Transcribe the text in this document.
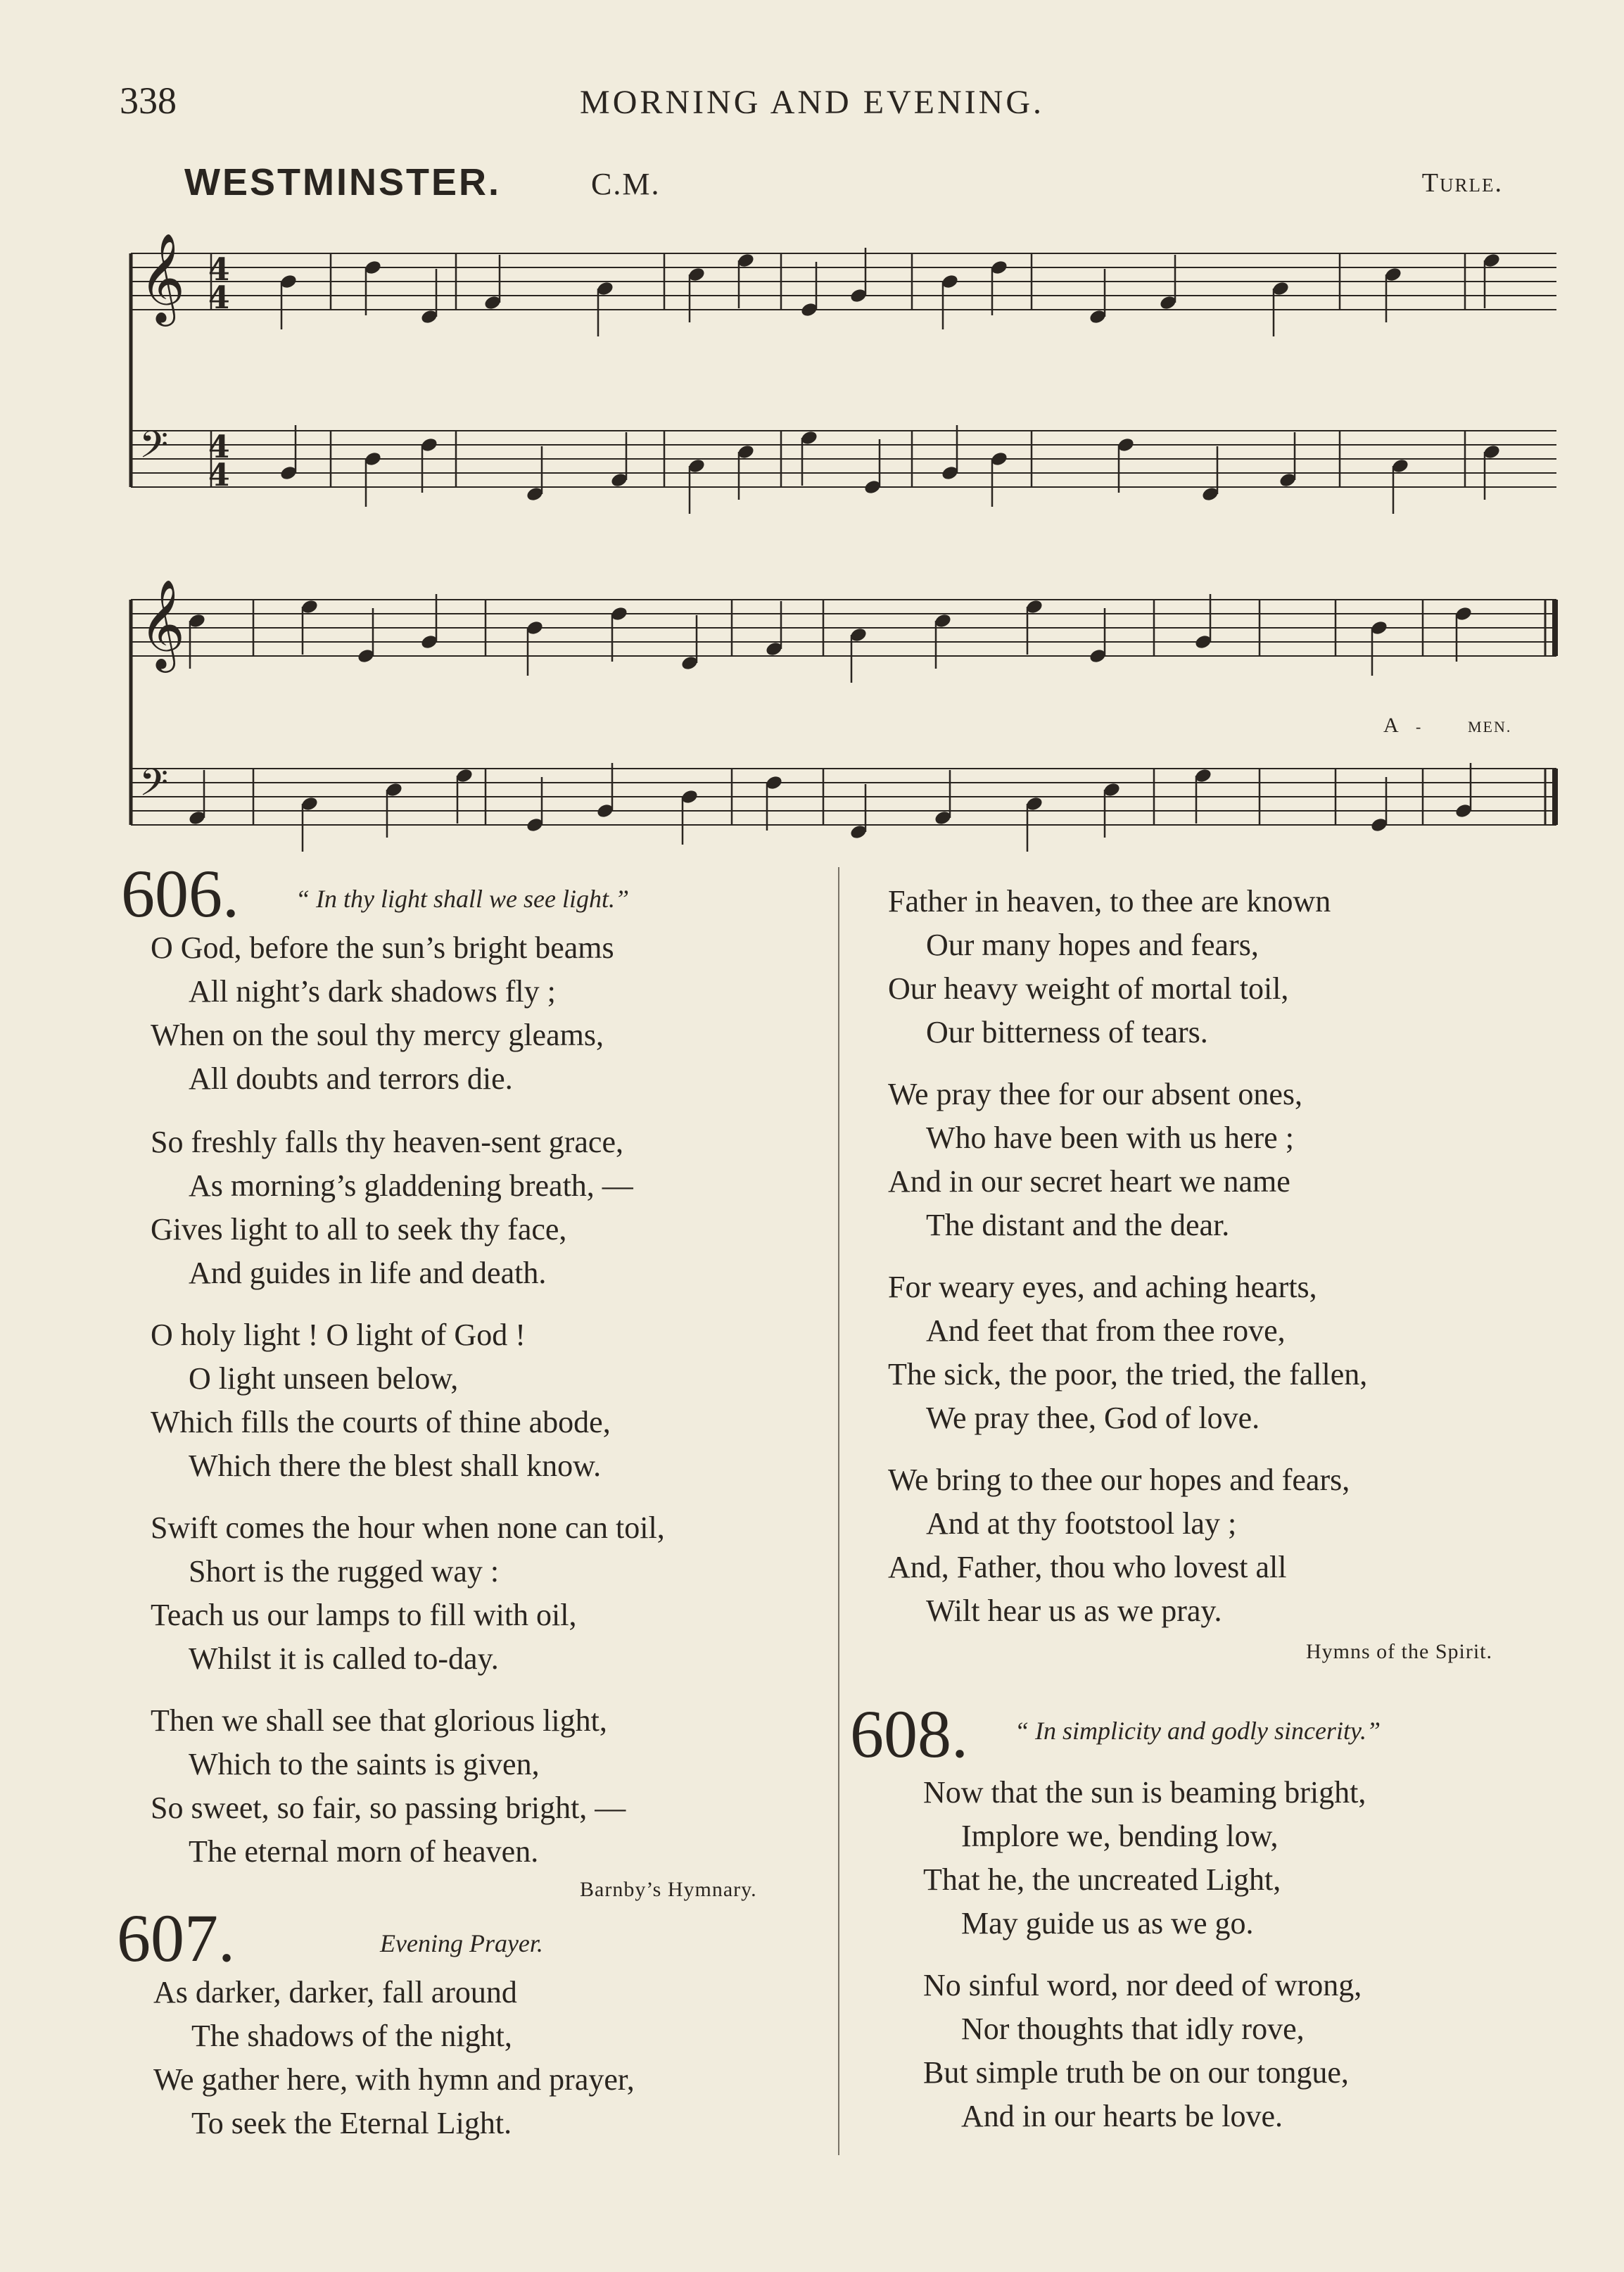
338	MORNING AND EVENING.
WESTMINSTER.	C.M.	Turle.
𝄞 4
4
𝄢 4
4
𝄞
𝄢
A -	MEN.
606. “ In thy light shall we see light.”
O God, before the sun’s bright beams
All night’s dark shadows fly ;
When on the soul thy mercy gleams,
All doubts and terrors die.
So freshly falls thy heaven-sent grace,
As morning’s gladdening breath, —
Gives light to all to seek thy face,
And guides in life and death.
O holy light ! O light of God !
O light unseen below,
Which fills the courts of thine abode,
Which there the blest shall know.
Swift comes the hour when none can toil,
Short is the rugged way :
Teach us our lamps to fill with oil,
Whilst it is called to-day.
Then we shall see that glorious light,
Which to the saints is given,
So sweet, so fair, so passing bright, —
The eternal morn of heaven.
Barnby’s Hymnary.
607.	Evening Prayer.
As darker, darker, fall around
The shadows of the night,
We gather here, with hymn and prayer,
To seek the Eternal Light.
Father in heaven, to thee are known
Our many hopes and fears,
Our heavy weight of mortal toil,
Our bitterness of tears.
We pray thee for our absent ones,
Who have been with us here ;
And in our secret heart we name
The distant and the dear.
For weary eyes, and aching hearts,
And feet that from thee rove,
The sick, the poor, the tried, the fallen,
We pray thee, God of love.
We bring to thee our hopes and fears,
And at thy footstool lay ;
And, Father, thou who lovest all
Wilt hear us as we pray.
Hymns of the Spirit.
608. “ In simplicity and godly sincerity.”
Now that the sun is beaming bright,
Implore we, bending low,
That he, the uncreated Light,
May guide us as we go.
No sinful word, nor deed of wrong,
Nor thoughts that idly rove,
But simple truth be on our tongue,
And in our hearts be love.
